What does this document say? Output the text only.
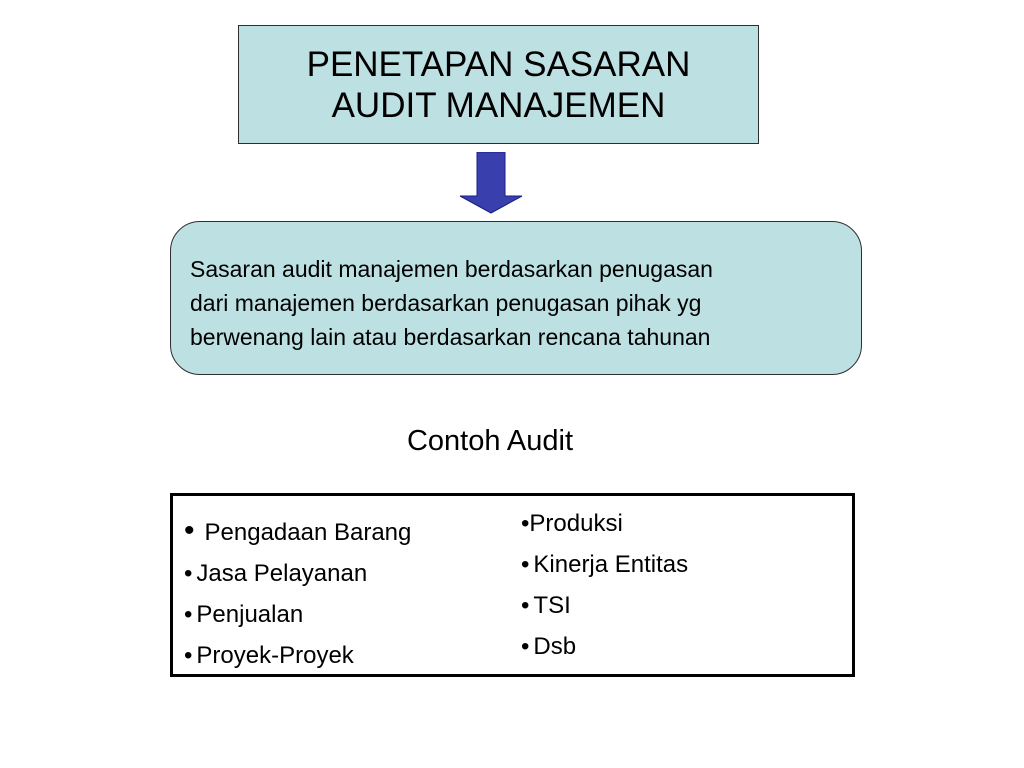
PENETAPAN SASARAN
AUDIT MANAJEMEN
Sasaran audit manajemen berdasarkan penugasan
dari manajemen berdasarkan penugasan pihak yg
berwenang lain atau berdasarkan rencana tahunan
Contoh Audit
• Pengadaan Barang
• Jasa Pelayanan
• Penjualan
• Proyek-Proyek
•Produksi
• Kinerja Entitas
• TSI
• Dsb
